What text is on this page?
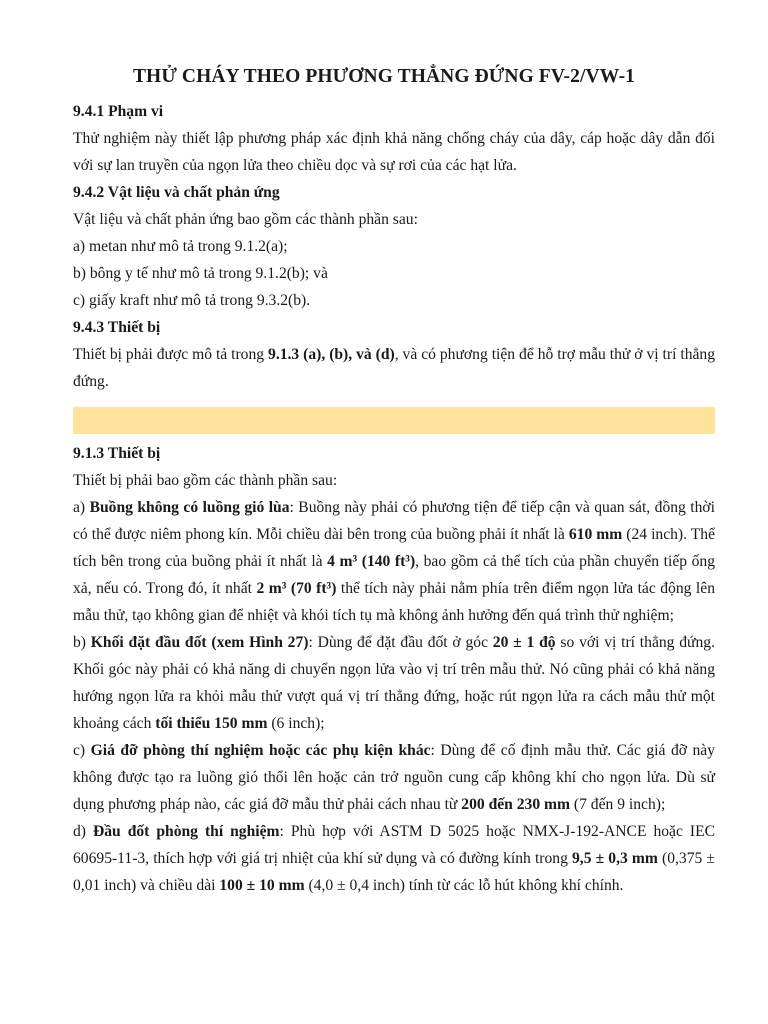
THỬ CHÁY THEO PHƯƠNG THẲNG ĐỨNG FV-2/VW-1

9.4.1 Phạm vi

Thử nghiệm này thiết lập phương pháp xác định khả năng chống cháy của dây, cáp hoặc dây dẫn đối với sự lan truyền của ngọn lửa theo chiều dọc và sự rơi của các hạt lửa.

9.4.2 Vật liệu và chất phản ứng

Vật liệu và chất phản ứng bao gồm các thành phần sau:

a) metan như mô tả trong 9.1.2(a);

b) bông y tế như mô tả trong 9.1.2(b); và

c) giấy kraft như mô tả trong 9.3.2(b).

9.4.3 Thiết bị

Thiết bị phải được mô tả trong 9.1.3 (a), (b), và (d), và có phương tiện để hỗ trợ mẫu thử ở vị trí thẳng đứng.

9.1.3 Thiết bị

Thiết bị phải bao gồm các thành phần sau:

a) Buồng không có luồng gió lùa: Buồng này phải có phương tiện để tiếp cận và quan sát, đồng thời có thể được niêm phong kín. Mỗi chiều dài bên trong của buồng phải ít nhất là 610 mm (24 inch). Thể tích bên trong của buồng phải ít nhất là 4 m³ (140 ft³), bao gồm cả thể tích của phần chuyển tiếp ống xả, nếu có. Trong đó, ít nhất 2 m³ (70 ft³) thể tích này phải nằm phía trên điểm ngọn lửa tác động lên mẫu thử, tạo không gian để nhiệt và khói tích tụ mà không ảnh hưởng đến quá trình thử nghiệm;

b) Khối đặt đầu đốt (xem Hình 27): Dùng để đặt đầu đốt ở góc 20 ± 1 độ so với vị trí thẳng đứng. Khối góc này phải có khả năng di chuyển ngọn lửa vào vị trí trên mẫu thử. Nó cũng phải có khả năng hướng ngọn lửa ra khỏi mẫu thử vượt quá vị trí thẳng đứng, hoặc rút ngọn lửa ra cách mẫu thử một khoảng cách tối thiểu 150 mm (6 inch);

c) Giá đỡ phòng thí nghiệm hoặc các phụ kiện khác: Dùng để cố định mẫu thử. Các giá đỡ này không được tạo ra luồng gió thổi lên hoặc cản trở nguồn cung cấp không khí cho ngọn lửa. Dù sử dụng phương pháp nào, các giá đỡ mẫu thử phải cách nhau từ 200 đến 230 mm (7 đến 9 inch);

d) Đầu đốt phòng thí nghiệm: Phù hợp với ASTM D 5025 hoặc NMX-J-192-ANCE hoặc IEC 60695-11-3, thích hợp với giá trị nhiệt của khí sử dụng và có đường kính trong 9,5 ± 0,3 mm (0,375 ± 0,01 inch) và chiều dài 100 ± 10 mm (4,0 ± 0,4 inch) tính từ các lỗ hút không khí chính.
